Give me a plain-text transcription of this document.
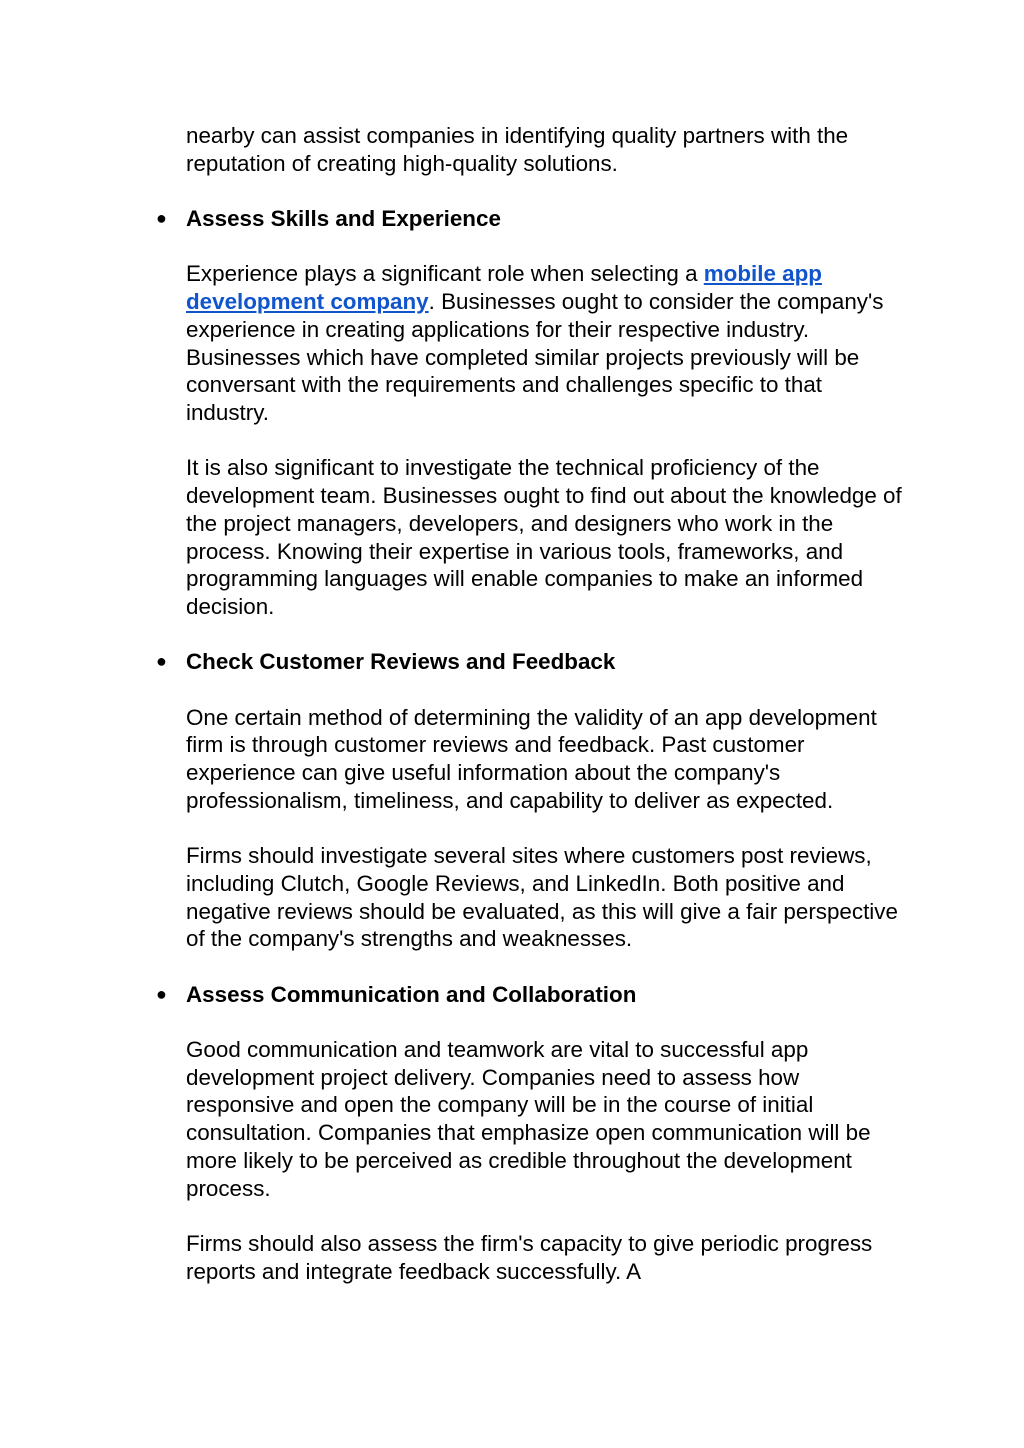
nearby can assist companies in identifying quality partners with the reputation of creating high-quality solutions.

● Assess Skills and Experience

Experience plays a significant role when selecting a mobile app development company. Businesses ought to consider the company's experience in creating applications for their respective industry. Businesses which have completed similar projects previously will be conversant with the requirements and challenges specific to that industry.

It is also significant to investigate the technical proficiency of the development team. Businesses ought to find out about the knowledge of the project managers, developers, and designers who work in the process. Knowing their expertise in various tools, frameworks, and programming languages will enable companies to make an informed decision.

● Check Customer Reviews and Feedback

One certain method of determining the validity of an app development firm is through customer reviews and feedback. Past customer experience can give useful information about the company's professionalism, timeliness, and capability to deliver as expected.

Firms should investigate several sites where customers post reviews, including Clutch, Google Reviews, and LinkedIn. Both positive and negative reviews should be evaluated, as this will give a fair perspective of the company's strengths and weaknesses.

● Assess Communication and Collaboration

Good communication and teamwork are vital to successful app development project delivery. Companies need to assess how responsive and open the company will be in the course of initial consultation. Companies that emphasize open communication will be more likely to be perceived as credible throughout the development process.

Firms should also assess the firm's capacity to give periodic progress reports and integrate feedback successfully. A
